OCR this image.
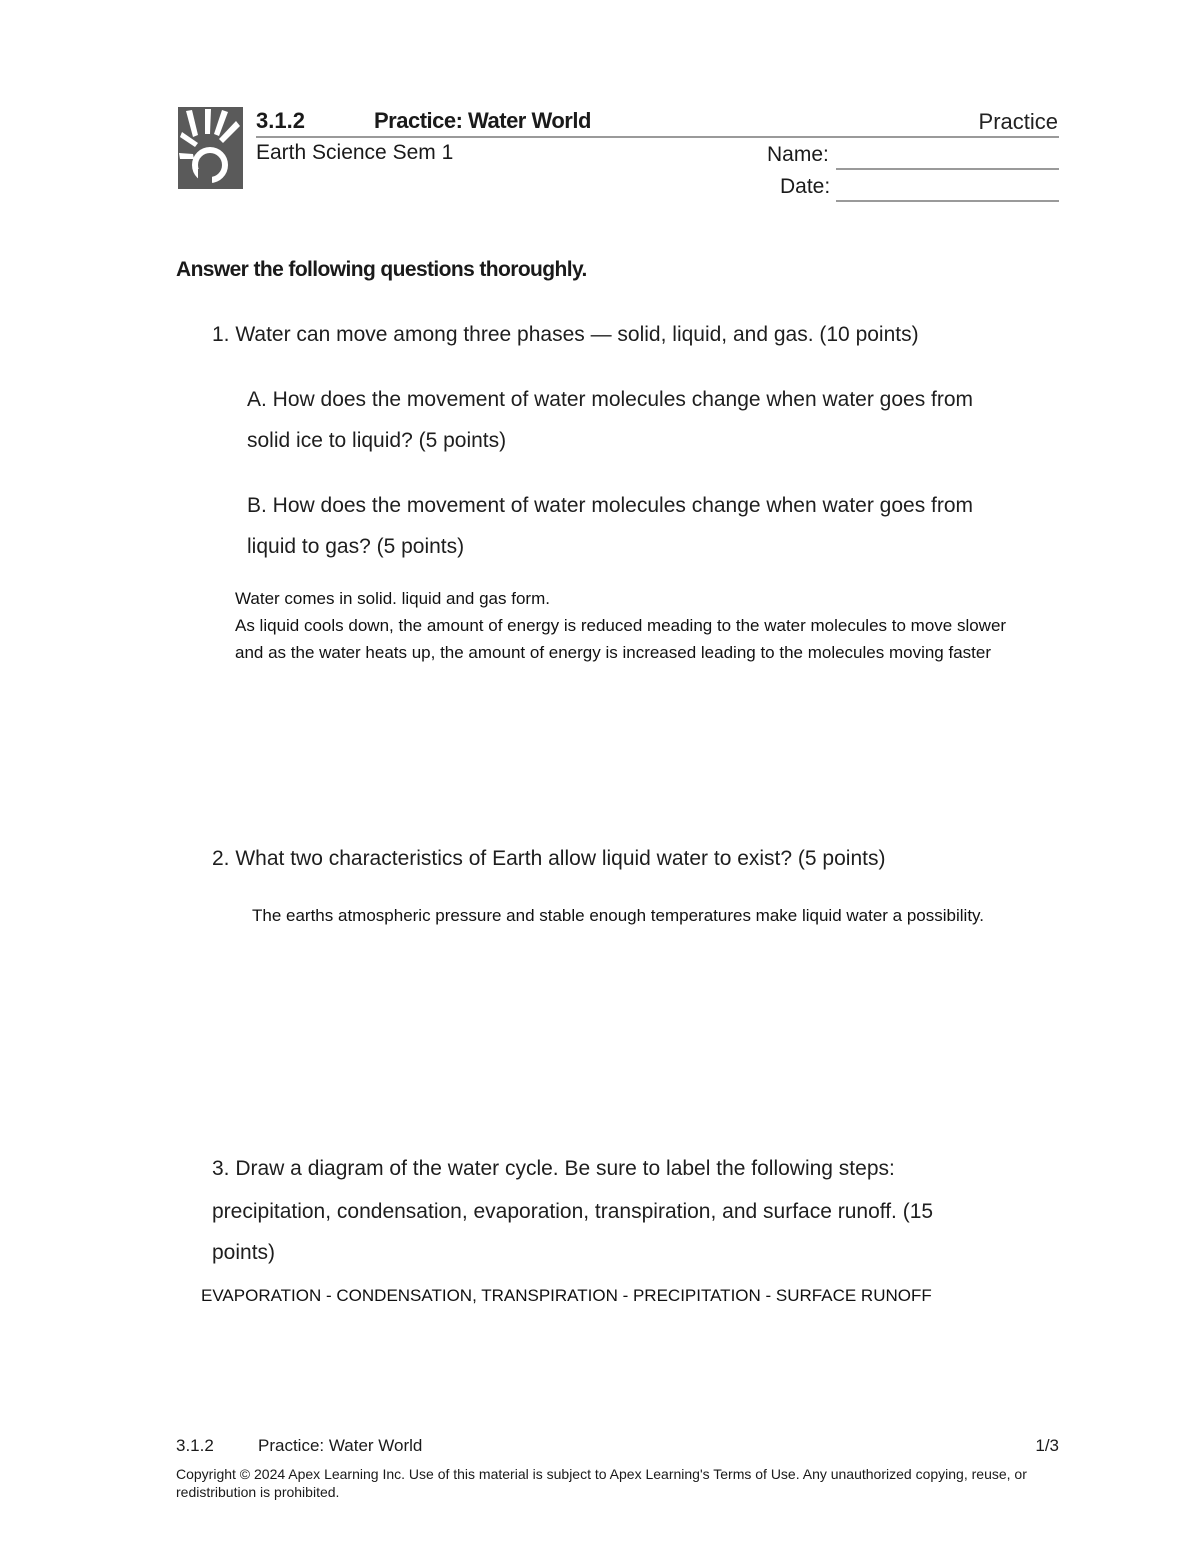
3.1.2	Practice: Water World	Practice
Earth Science Sem 1	Name:
Date:
Answer the following questions thoroughly.
1. Water can move among three phases — solid, liquid, and gas. (10 points)
A. How does the movement of water molecules change when water goes from
solid ice to liquid? (5 points)
B. How does the movement of water molecules change when water goes from
liquid to gas? (5 points)
Water comes in solid. liquid and gas form.
As liquid cools down, the amount of energy is reduced meading to the water molecules to move slower
and as the water heats up, the amount of energy is increased leading to the molecules moving faster
2. What two characteristics of Earth allow liquid water to exist? (5 points)
The earths atmospheric pressure and stable enough temperatures make liquid water a possibility.
3. Draw a diagram of the water cycle. Be sure to label the following steps:
precipitation, condensation, evaporation, transpiration, and surface runoff. (15
points)
EVAPORATION - CONDENSATION, TRANSPIRATION - PRECIPITATION - SURFACE RUNOFF
3.1.2	Practice: Water World	1/3
Copyright © 2024 Apex Learning Inc. Use of this material is subject to Apex Learning's Terms of Use. Any unauthorized copying, reuse, or redistribution is prohibited.
